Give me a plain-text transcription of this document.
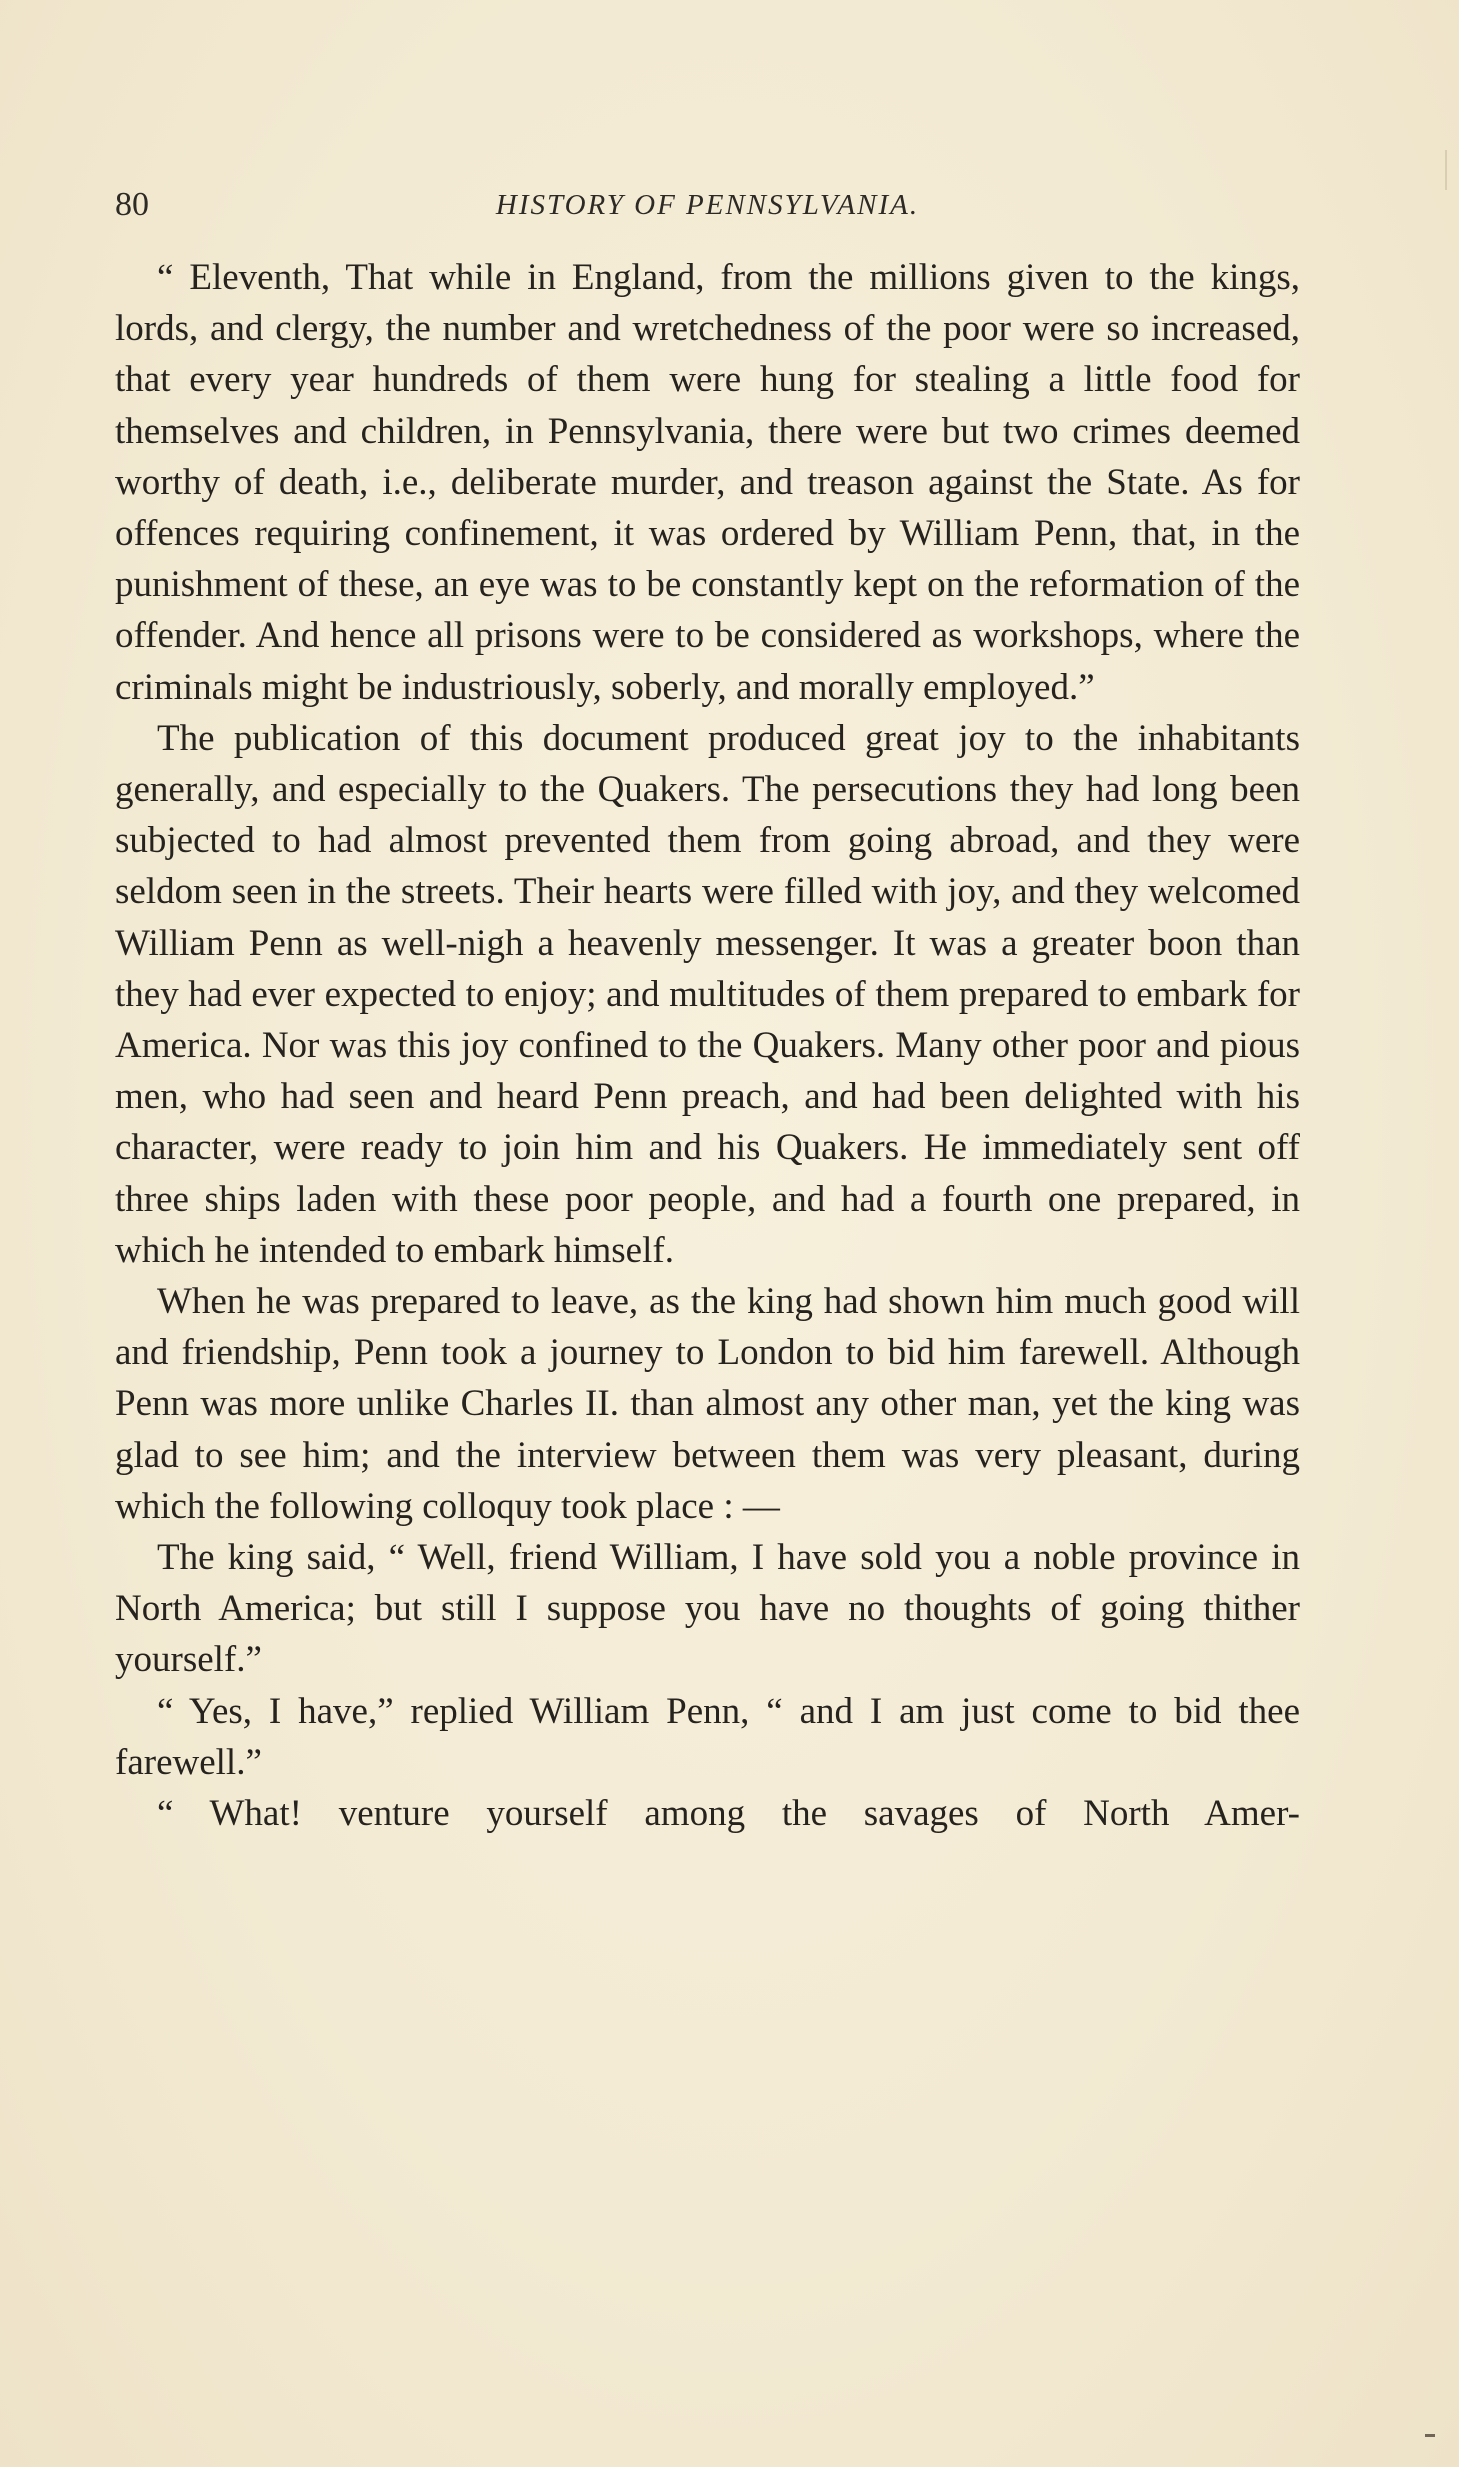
80	HISTORY OF PENNSYLVANIA.

“ Eleventh, That while in England, from the millions given to the kings, lords, and clergy, the number and wretchedness of the poor were so increased, that every year hundreds of them were hung for stealing a little food for themselves and children, in Pennsylvania, there were but two crimes deemed worthy of death, i.e., deliberate murder, and treason against the State. As for offences requiring confinement, it was ordered by William Penn, that, in the punishment of these, an eye was to be constantly kept on the reformation of the offender. And hence all prisons were to be considered as workshops, where the criminals might be industriously, soberly, and morally employed.”

The publication of this document produced great joy to the inhabitants generally, and especially to the Quakers. The persecutions they had long been subjected to had almost prevented them from going abroad, and they were seldom seen in the streets. Their hearts were filled with joy, and they welcomed William Penn as well-nigh a heavenly messenger. It was a greater boon than they had ever expected to enjoy; and multitudes of them prepared to embark for America. Nor was this joy confined to the Quakers. Many other poor and pious men, who had seen and heard Penn preach, and had been delighted with his character, were ready to join him and his Quakers. He immediately sent off three ships laden with these poor people, and had a fourth one prepared, in which he intended to embark himself.

When he was prepared to leave, as the king had shown him much good will and friendship, Penn took a journey to London to bid him farewell. Although Penn was more unlike Charles II. than almost any other man, yet the king was glad to see him; and the interview between them was very pleasant, during which the following colloquy took place : —

The king said, “ Well, friend William, I have sold you a noble province in North America; but still I suppose you have no thoughts of going thither yourself.”

“ Yes, I have,” replied William Penn, “ and I am just come to bid thee farewell.”

“ What! venture yourself among the savages of North Amer-
